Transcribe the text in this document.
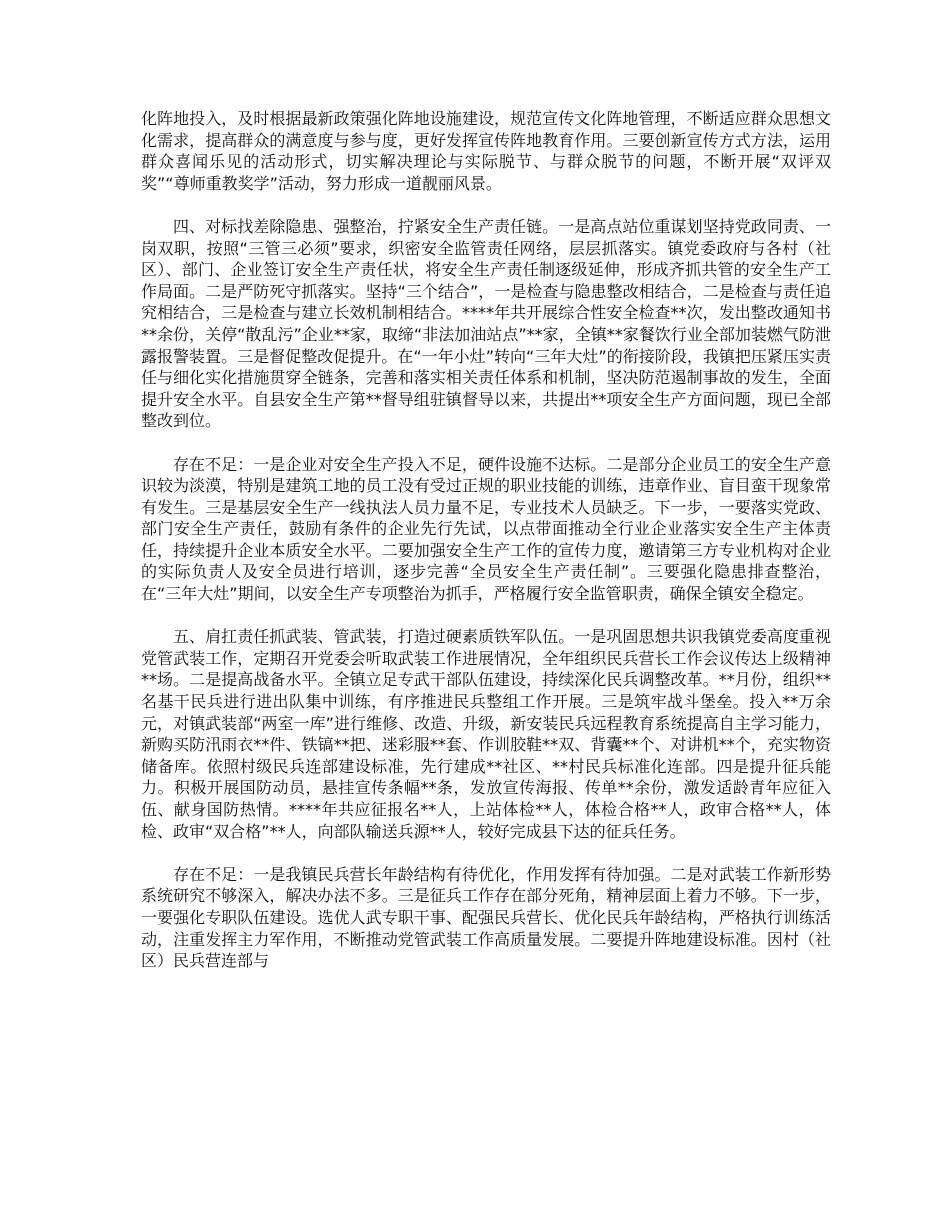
化阵地投入，及时根据最新政策强化阵地设施建设，规范宣传文化阵地管理，不断适应群众思想文化需求，提高群众的满意度与参与度，更好发挥宣传阵地教育作用。三要创新宣传方式方法，运用群众喜闻乐见的活动形式，切实解决理论与实际脱节、与群众脱节的问题，不断开展“双评双奖”“尊师重教奖学”活动，努力形成一道靓丽风景。

四、对标找差除隐患、强整治，拧紧安全生产责任链。一是高点站位重谋划坚持党政同责、一岗双职，按照“三管三必须”要求，织密安全监管责任网络，层层抓落实。镇党委政府与各村（社区）、部门、企业签订安全生产责任状，将安全生产责任制逐级延伸，形成齐抓共管的安全生产工作局面。二是严防死守抓落实。坚持“三个结合”，一是检查与隐患整改相结合，二是检查与责任追究相结合，三是检查与建立长效机制相结合。****年共开展综合性安全检查**次，发出整改通知书**余份，关停“散乱污”企业**家，取缔“非法加油站点”**家，全镇**家餐饮行业全部加装燃气防泄露报警装置。三是督促整改促提升。在“一年小灶”转向“三年大灶”的衔接阶段，我镇把压紧压实责任与细化实化措施贯穿全链条，完善和落实相关责任体系和机制，坚决防范遏制事故的发生，全面提升安全水平。自县安全生产第**督导组驻镇督导以来，共提出**项安全生产方面问题，现已全部整改到位。

存在不足：一是企业对安全生产投入不足，硬件设施不达标。二是部分企业员工的安全生产意识较为淡漠，特别是建筑工地的员工没有受过正规的职业技能的训练，违章作业、盲目蛮干现象常有发生。三是基层安全生产一线执法人员力量不足，专业技术人员缺乏。下一步，一要落实党政、部门安全生产责任，鼓励有条件的企业先行先试，以点带面推动全行业企业落实安全生产主体责任，持续提升企业本质安全水平。二要加强安全生产工作的宣传力度，邀请第三方专业机构对企业的实际负责人及安全员进行培训，逐步完善“全员安全生产责任制”。三要强化隐患排查整治，在“三年大灶”期间，以安全生产专项整治为抓手，严格履行安全监管职责，确保全镇安全稳定。

五、肩扛责任抓武装、管武装，打造过硬素质铁军队伍。一是巩固思想共识我镇党委高度重视党管武装工作，定期召开党委会听取武装工作进展情况，全年组织民兵营长工作会议传达上级精神**场。二是提高战备水平。全镇立足专武干部队伍建设，持续深化民兵调整改革。**月份，组织**名基干民兵进行进出队集中训练，有序推进民兵整组工作开展。三是筑牢战斗堡垒。投入**万余元，对镇武装部“两室一库”进行维修、改造、升级，新安装民兵远程教育系统提高自主学习能力，新购买防汛雨衣**件、铁镐**把、迷彩服**套、作训胶鞋**双、背囊**个、对讲机**个，充实物资储备库。依照村级民兵连部建设标准，先行建成**社区、**村民兵标准化连部。四是提升征兵能力。积极开展国防动员，悬挂宣传条幅**条，发放宣传海报、传单**余份，激发适龄青年应征入伍、献身国防热情。****年共应征报名**人，上站体检**人，体检合格**人，政审合格**人，体检、政审“双合格”**人，向部队输送兵源**人，较好完成县下达的征兵任务。

存在不足：一是我镇民兵营长年龄结构有待优化，作用发挥有待加强。二是对武装工作新形势系统研究不够深入，解决办法不多。三是征兵工作存在部分死角，精神层面上着力不够。下一步，一要强化专职队伍建设。选优人武专职干事、配强民兵营长、优化民兵年龄结构，严格执行训练活动，注重发挥主力军作用，不断推动党管武装工作高质量发展。二要提升阵地建设标准。因村（社区）民兵营连部与
